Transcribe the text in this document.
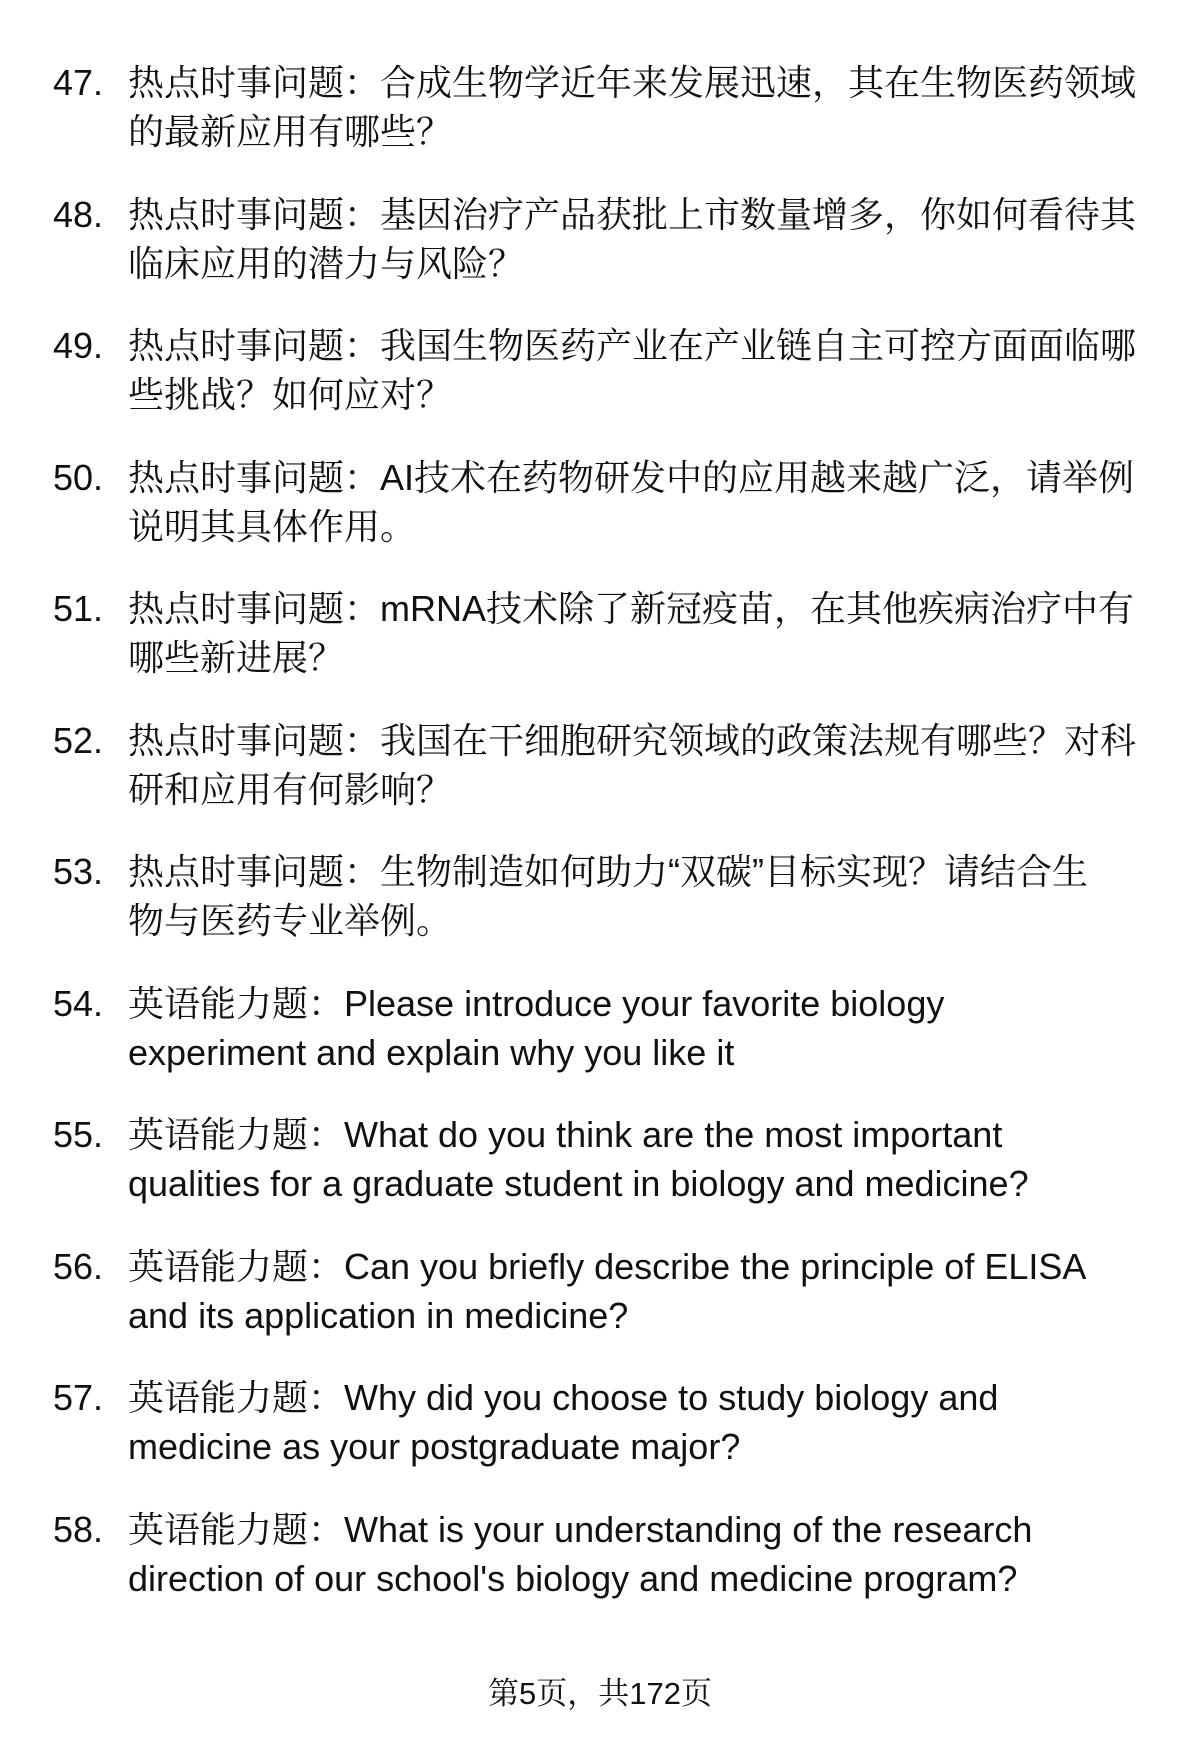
47. 热点时事问题：合成生物学近年来发展迅速，其在生物医药领域
的最新应用有哪些？
48. 热点时事问题：基因治疗产品获批上市数量增多，你如何看待其
临床应用的潜力与风险？
49. 热点时事问题：我国生物医药产业在产业链自主可控方面面临哪
些挑战？如何应对？
50. 热点时事问题：AI技术在药物研发中的应用越来越广泛，请举例
说明其具体作用。
51. 热点时事问题：mRNA技术除了新冠疫苗，在其他疾病治疗中有
哪些新进展？
52. 热点时事问题：我国在干细胞研究领域的政策法规有哪些？对科
研和应用有何影响？
53. 热点时事问题：生物制造如何助力“双碳”目标实现？请结合生
物与医药专业举例。
54. 英语能力题：Please introduce your favorite biology
experiment and explain why you like it
55. 英语能力题：What do you think are the most important
qualities for a graduate student in biology and medicine?
56. 英语能力题：Can you briefly describe the principle of ELISA
and its application in medicine?
57. 英语能力题：Why did you choose to study biology and
medicine as your postgraduate major?
58. 英语能力题：What is your understanding of the research
direction of our school's biology and medicine program?
第5页，共172页
